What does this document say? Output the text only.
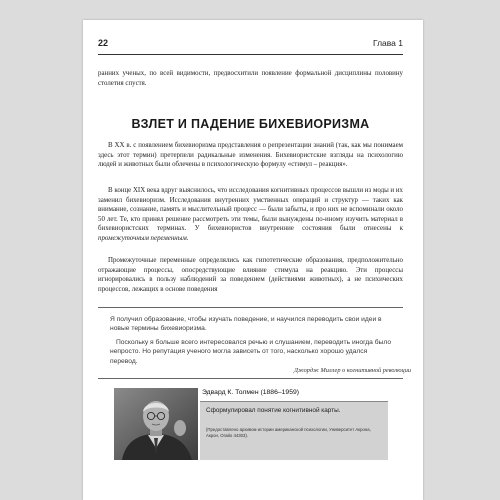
22	Глава 1

ранних ученых, по всей видимости, предвосхитили появление формальной дисциплины половину столетия спустя.

ВЗЛЕТ И ПАДЕНИЕ БИХЕВИОРИЗМА

В XX в. с появлением бихевиоризма представления о репрезентации знаний (так, как мы понимаем здесь этот термин) претерпели радикальные изменения. Бихевиористские взгляды на психологию людей и животных были облечены в психологическую формулу «стимул – реакция».

В конце XIX века вдруг выяснилось, что исследования когнитивных процессов вышли из моды и их заменил бихевиоризм. Исследования внутренних умственных операций и структур — таких как внимание, сознание, память и мыслительный процесс — были забыты, и про них не вспоминали около 50 лет. Те, кто принял решение рассмотреть эти темы, были вынуждены по-иному изучить материал в бихевиористских терминах. У бихевиористов внутренние состояния были отнесены к промежуточным переменным.

Промежуточные переменные определялись как гипотетические образования, предположительно отражающие процессы, опосредствующие влияние стимула на реакцию. Эти процессы игнорировались в пользу наблюдений за поведением (действиями животных), а не психических процессов, лежащих в основе поведения

Я получил образование, чтобы изучать поведение, и научился переводить свои идеи в новые термины бихевиоризма.

Поскольку я больше всего интересовался речью и слушанием, переводить иногда было непросто. Но репутация ученого могла зависеть от того, насколько хорошо удался перевод.

Джордж Миллер о когнитивной революции
Эдвард К. Толмен (1886–1959)
Сформулировал понятие когнитивной карты.
(Предоставлено архивом истории американской психологии, Университет Акрона, Акрон, Огайо 44303).
